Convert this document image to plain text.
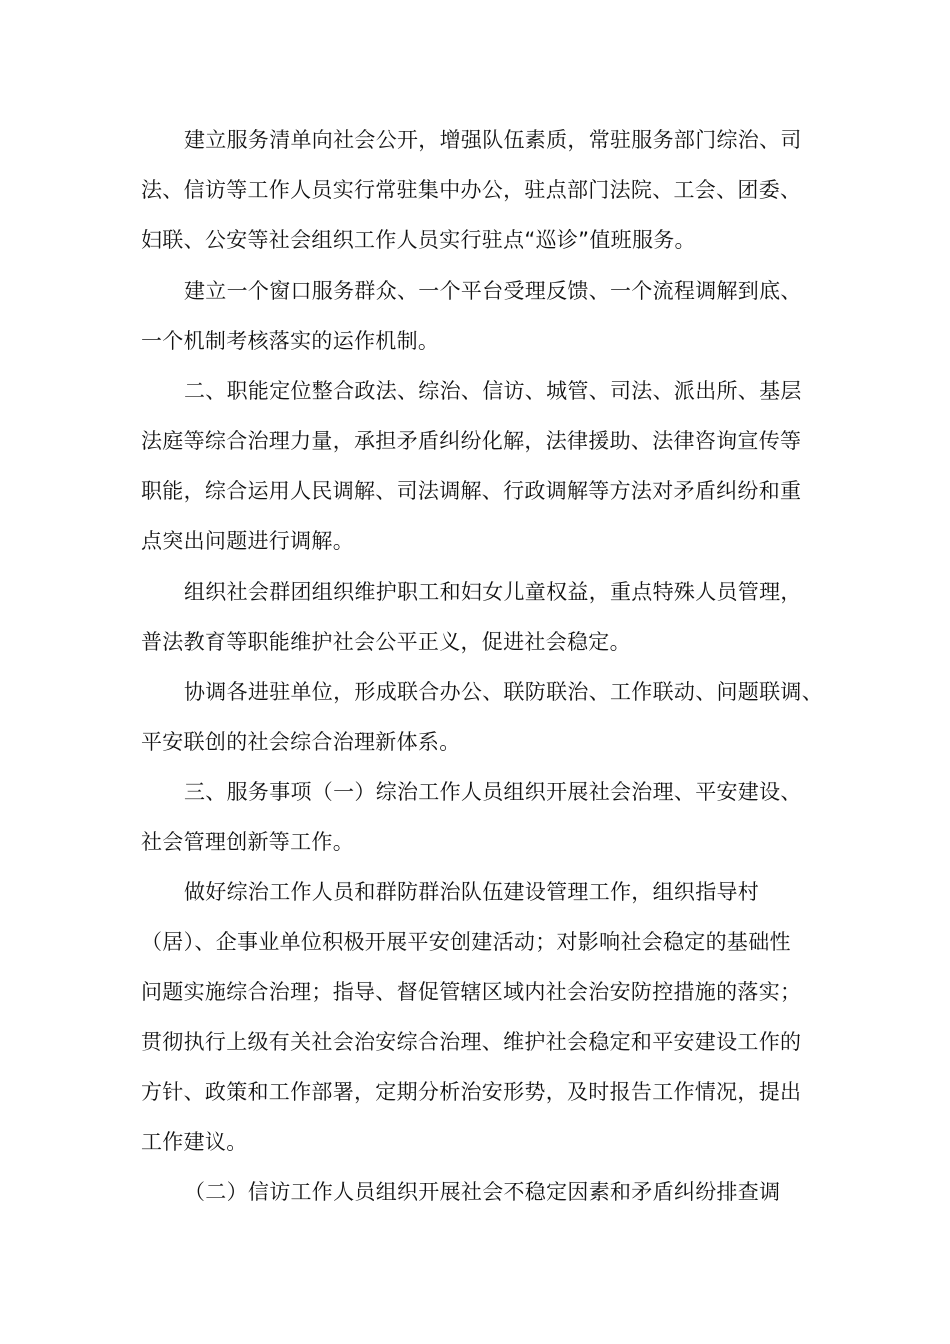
建立服务清单向社会公开，增强队伍素质，常驻服务部门综治、司
法、信访等工作人员实行常驻集中办公，驻点部门法院、工会、团委、
妇联、公安等社会组织工作人员实行驻点“巡诊”值班服务。
建立一个窗口服务群众、一个平台受理反馈、一个流程调解到底、
一个机制考核落实的运作机制。
二、职能定位整合政法、综治、信访、城管、司法、派出所、基层
法庭等综合治理力量，承担矛盾纠纷化解，法律援助、法律咨询宣传等
职能，综合运用人民调解、司法调解、行政调解等方法对矛盾纠纷和重
点突出问题进行调解。
组织社会群团组织维护职工和妇女儿童权益，重点特殊人员管理，
普法教育等职能维护社会公平正义，促进社会稳定。
协调各进驻单位，形成联合办公、联防联治、工作联动、问题联调、
平安联创的社会综合治理新体系。
三、服务事项（一）综治工作人员组织开展社会治理、平安建设、
社会管理创新等工作。
做好综治工作人员和群防群治队伍建设管理工作，组织指导村
（居）、企事业单位积极开展平安创建活动；对影响社会稳定的基础性
问题实施综合治理；指导、督促管辖区域内社会治安防控措施的落实；
贯彻执行上级有关社会治安综合治理、维护社会稳定和平安建设工作的
方针、政策和工作部署，定期分析治安形势，及时报告工作情况，提出
工作建议。
（二）信访工作人员组织开展社会不稳定因素和矛盾纠纷排查调
